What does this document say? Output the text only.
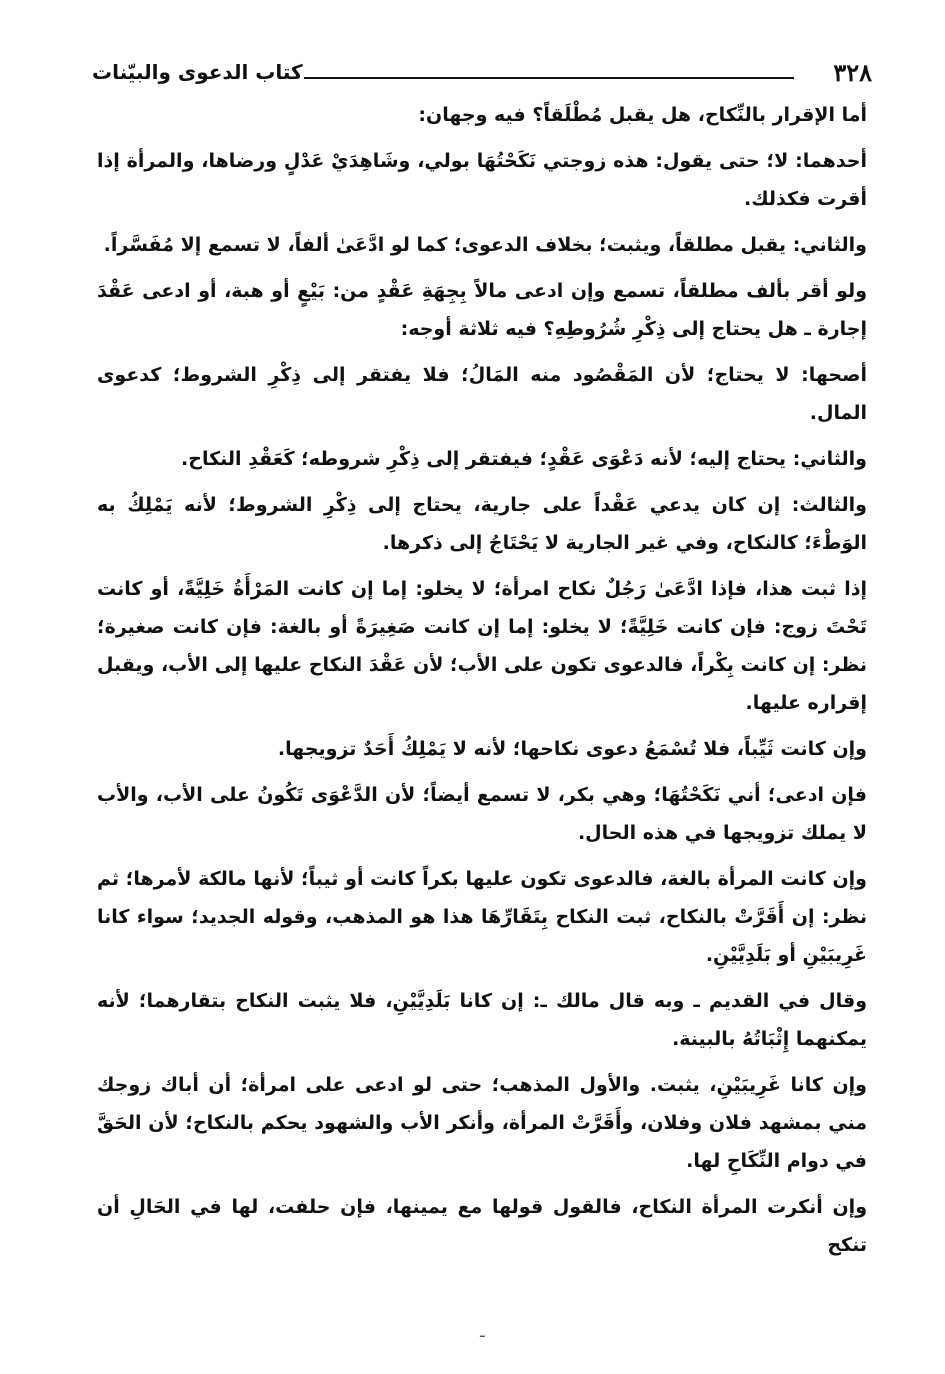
٣٢٨
كتاب الدعوى والبيّنات

أما الإقرار بالنِّكاح، هل يقبل مُطْلَقاً؟ فيه وجهان:

أحدهما: لا؛ حتى يقول: هذه زوجتي نَكَحْتُهَا بولي، وشَاهِدَيْ عَدْلٍ ورضاها، والمرأة إذا أقرت فكذلك.

والثاني: يقبل مطلقاً، ويثبت؛ بخلاف الدعوى؛ كما لو ادَّعَىٰ ألفاً، لا تسمع إلا مُفَسَّراً.

ولو أقر بألف مطلقاً، تسمع وإن ادعى مالاً بِجِهَةِ عَقْدٍ من: بَيْعٍ أو هبة، أو ادعى عَقْدَ إجارة ـ هل يحتاج إلى ذِكْرِ شُرُوطِهِ؟ فيه ثلاثة أوجه:

أصحها: لا يحتاج؛ لأن المَقْصُود منه المَالُ؛ فلا يفتقر إلى ذِكْرِ الشروط؛ كدعوى المال.

والثاني: يحتاج إليه؛ لأنه دَعْوَى عَقْدٍ؛ فيفتقر إلى ذِكْرِ شروطه؛ كَعَقْدِ النكاح.

والثالث: إن كان يدعي عَقْداً على جارية، يحتاج إلى ذِكْرِ الشروط؛ لأنه يَمْلِكُ به الوَطْءَ؛ كالنكاح، وفي غير الجارية لا يَحْتَاجُ إلى ذكرها.

إذا ثبت هذا، فإذا ادَّعَىٰ رَجُلٌ نكاح امرأة؛ لا يخلو: إما إن كانت المَرْأَةُ خَلِيَّةً، أو كانت تَحْتَ زوج: فإن كانت خَلِيَّةً؛ لا يخلو: إما إن كانت صَغِيرَةً أو بالغة: فإن كانت صغيرة؛ نظر: إن كانت بِكْراً، فالدعوى تكون على الأب؛ لأن عَقْدَ النكاح عليها إلى الأب، ويقبل إقراره عليها.

وإن كانت ثَيِّباً، فلا تُسْمَعُ دعوى نكاحها؛ لأنه لا يَمْلِكُ أَحَدٌ تزويجها.

فإن ادعى؛ أني نَكَحْتُهَا؛ وهي بكر، لا تسمع أيضاً؛ لأن الدَّعْوَى تَكُونُ على الأب، والأب لا يملك تزويجها في هذه الحال.

وإن كانت المرأة بالغة، فالدعوى تكون عليها بكراً كانت أو ثيباً؛ لأنها مالكة لأمرها؛ ثم نظر: إن أَقَرَّتْ بالنكاح، ثبت النكاح بِتَقَارِّهَا هذا هو المذهب، وقوله الجديد؛ سواء كانا غَرِيبَيْنِ أو بَلَدِيَّيْنِ.

وقال في القديم ـ وبه قال مالك ـ: إن كانا بَلَدِيَّيْنِ، فلا يثبت النكاح بتقارهما؛ لأنه يمكنهما إِثْبَاتُهُ بالبينة.

وإن كانا غَرِيبَيْنِ، يثبت. والأول المذهب؛ حتى لو ادعى على امرأة؛ أن أباك زوجك مني بمشهد فلان وفلان، وأَقَرَّتْ المرأة، وأنكر الأب والشهود يحكم بالنكاح؛ لأن الحَقَّ في دوام النِّكَاحِ لها.

وإن أنكرت المرأة النكاح، فالقول قولها مع يمينها، فإن حلفت، لها في الحَالِ أن تنكح

ـ
